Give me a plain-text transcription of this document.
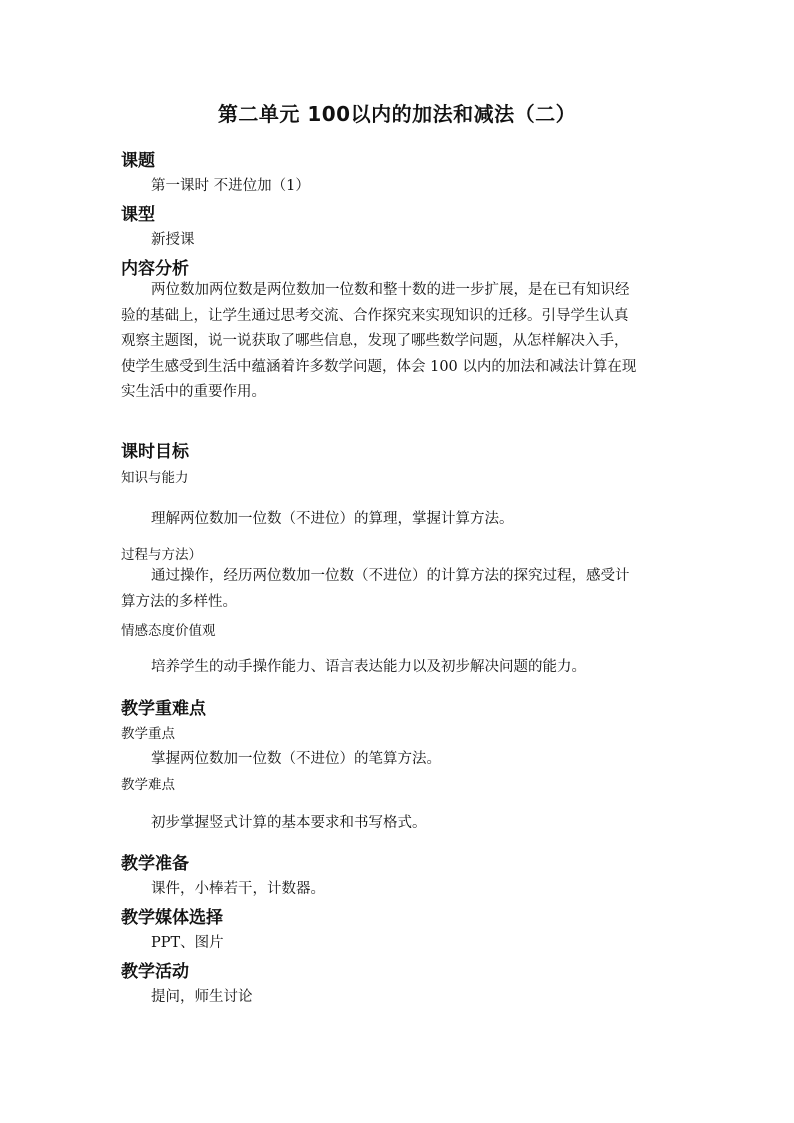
第二单元 100以内的加法和减法（二）
课题
第一课时 不进位加（1）
课型
新授课
内容分析
两位数加两位数是两位数加一位数和整十数的进一步扩展，是在已有知识经
验的基础上，让学生通过思考交流、合作探究来实现知识的迁移。引导学生认真
观察主题图，说一说获取了哪些信息，发现了哪些数学问题，从怎样解决入手，
使学生感受到生活中蕴涵着许多数学问题，体会 100 以内的加法和减法计算在现
实生活中的重要作用。
课时目标
知识与能力
理解两位数加一位数（不进位）的算理，掌握计算方法。
过程与方法）
通过操作，经历两位数加一位数（不进位）的计算方法的探究过程，感受计
算方法的多样性。
情感态度价值观
培养学生的动手操作能力、语言表达能力以及初步解决问题的能力。
教学重难点
教学重点
掌握两位数加一位数（不进位）的笔算方法。
教学难点
初步掌握竖式计算的基本要求和书写格式。
教学准备
课件，小棒若干，计数器。
教学媒体选择
PPT、图片
教学活动
提问，师生讨论
